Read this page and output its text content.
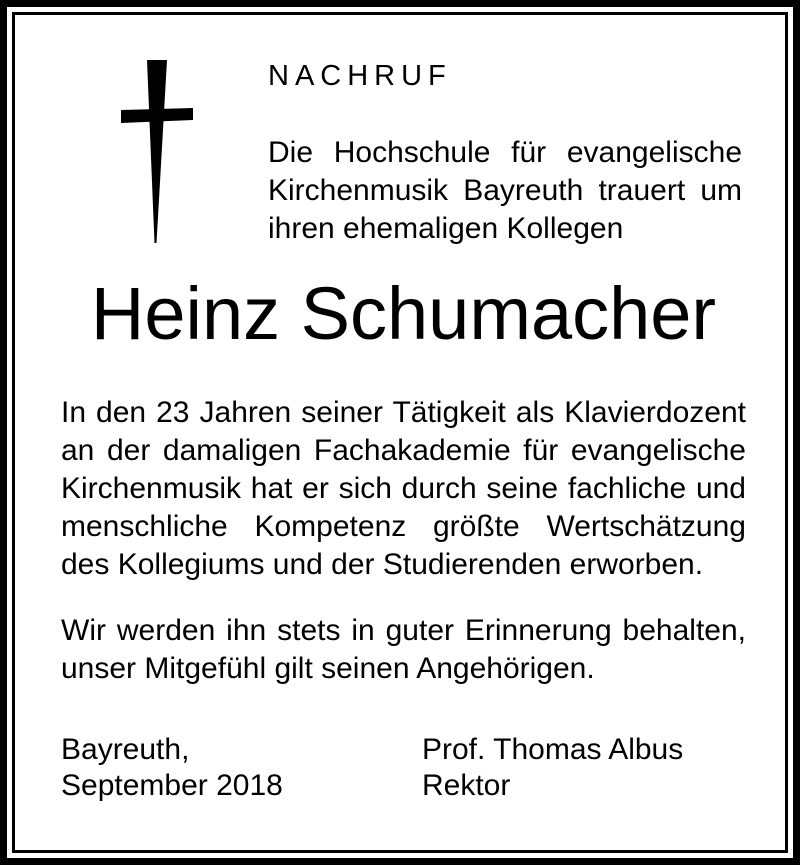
NACHRUF
Die Hochschule für evangelische
Kirchenmusik Bayreuth trauert um
ihren ehemaligen Kollegen
Heinz Schumacher
In den 23 Jahren seiner Tätigkeit als Klavierdozent
an der damaligen Fachakademie für evangelische
Kirchenmusik hat er sich durch seine fachliche und
menschliche Kompetenz größte Wertschätzung
des Kollegiums und der Studierenden erworben.
Wir werden ihn stets in guter Erinnerung behalten,
unser Mitgefühl gilt seinen Angehörigen.
Bayreuth,
September 2018
Prof. Thomas Albus
Rektor
